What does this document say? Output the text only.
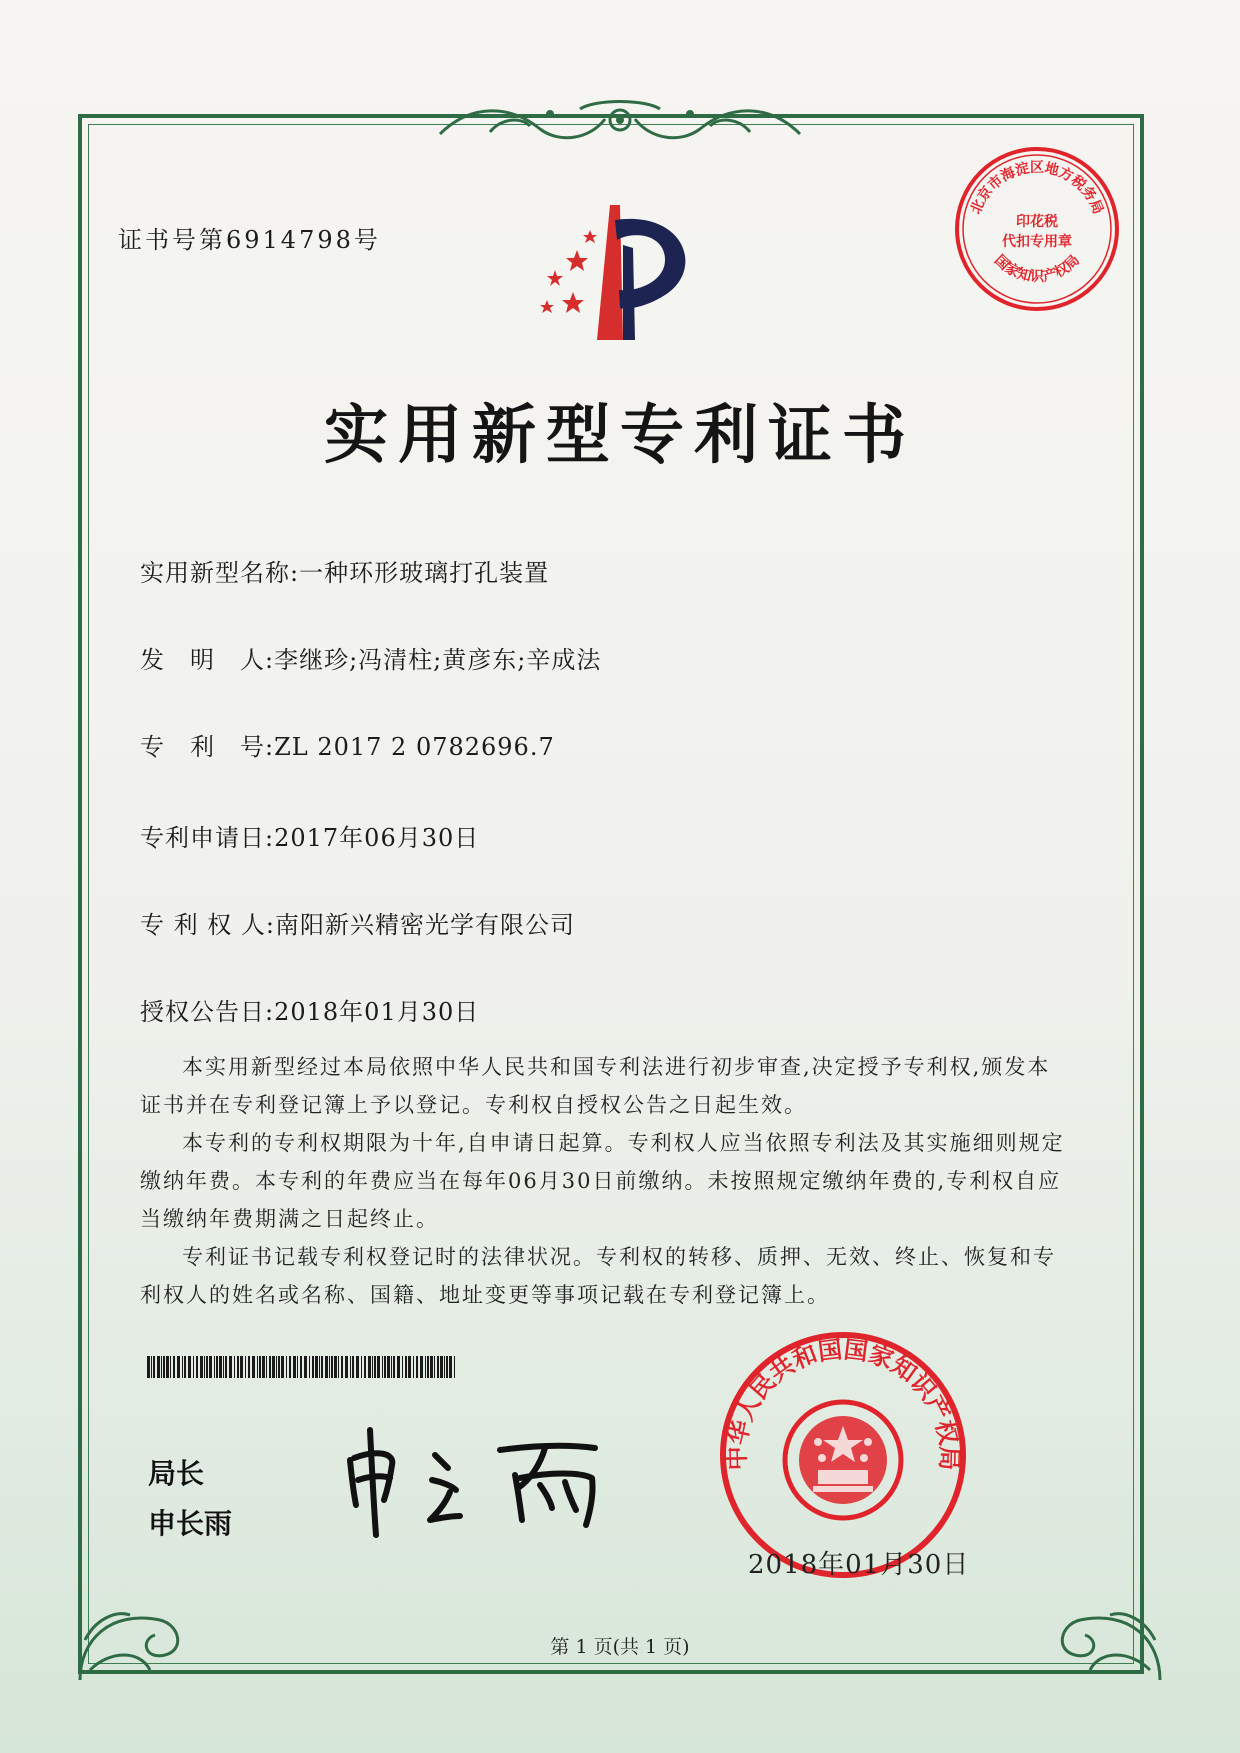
证书号第6914798号
北京市海淀区地方税务局
印花税
代扣专用章
国家知识产权局
实用新型专利证书
实用新型名称:一种环形玻璃打孔装置
发　明　人:李继珍;冯清柱;黄彦东;辛成法
专　利　号:ZL 2017 2 0782696.7
专利申请日:2017年06月30日
专 利 权 人:南阳新兴精密光学有限公司
授权公告日:2018年01月30日

本实用新型经过本局依照中华人民共和国专利法进行初步审查,决定授予专利权,颁发本证书并在专利登记簿上予以登记。专利权自授权公告之日起生效。

本专利的专利权期限为十年,自申请日起算。专利权人应当依照专利法及其实施细则规定缴纳年费。本专利的年费应当在每年06月30日前缴纳。未按照规定缴纳年费的,专利权自应当缴纳年费期满之日起终止。

专利证书记载专利权登记时的法律状况。专利权的转移、质押、无效、终止、恢复和专利权人的姓名或名称、国籍、地址变更等事项记载在专利登记簿上。

局长
申长雨
中华人民共和国国家知识产权局
2018年01月30日
第 1 页(共 1 页)
